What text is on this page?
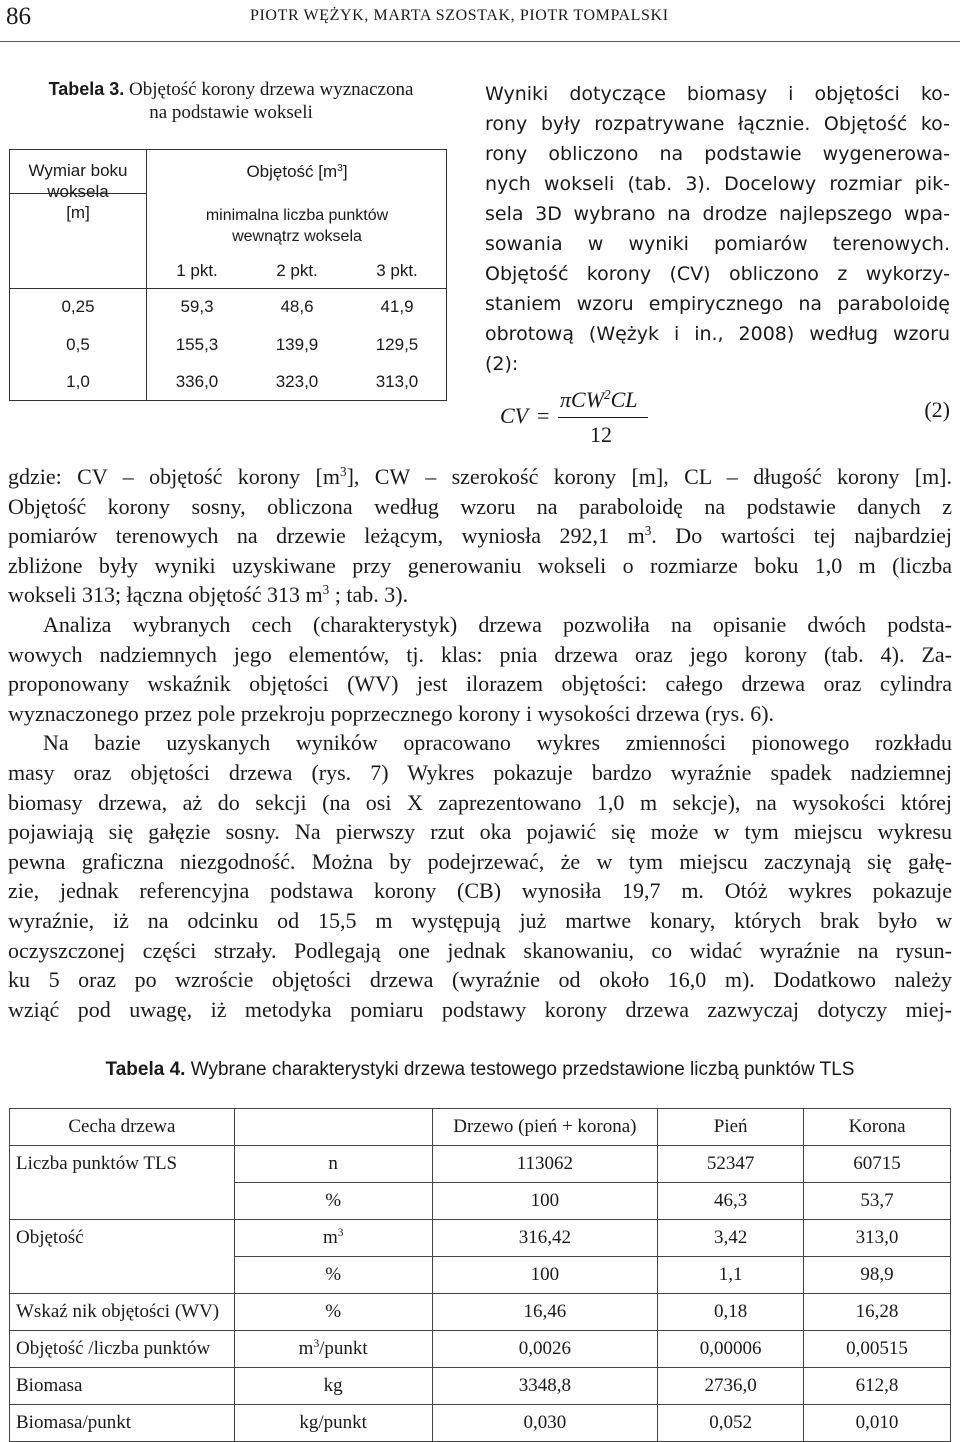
86	PIOTR WĘŻYK, MARTA SZOSTAK, PIOTR TOMPALSKI
Tabela 3. Objętość korony drzewa wyznaczona
na podstawie wokseli
Wymiar boku
woksela
[m]
Objętość $[m^3]$
minimalna liczba punktów
wewnątrz woksela
1 pkt.	2 pkt.	3 pkt.
0,25	59,3	48,6	41,9
0,5	155,3	139,9	129,5
1,0	336,0	323,0	313,0
Wyniki dotyczące biomasy i objętości ko-
rony były rozpatrywane łącznie. Objętość ko-
rony obliczono na podstawie wygenerowa-
nych wokseli (tab. 3). Docelowy rozmiar pik-
sela 3D wybrano na drodze najlepszego wpa-
sowania w wyniki pomiarów terenowych.
Objętość korony (CV) obliczono z wykorzy-
staniem wzoru empirycznego na paraboloidę
obrotową (Wężyk i in., 2008) według wzoru
(2):
CV =
πCW$^2$CL
12
(2)
gdzie: CV – objętość korony $[m^3]$, CW – szerokość korony [m], CL – długość korony [m].
Objętość korony sosny, obliczona według wzoru na paraboloidę na podstawie danych z
pomiarów terenowych na drzewie leżącym, wyniosła 292,1 $m^3$. Do wartości tej najbardziej
zbliżone były wyniki uzyskiwane przy generowaniu wokseli o rozmiarze boku 1,0 m (liczba
wokseli 313; łączna objętość 313 $m^3$ ; tab. 3).
Analiza wybranych cech (charakterystyk) drzewa pozwoliła na opisanie dwóch podsta-
wowych nadziemnych jego elementów, tj. klas: pnia drzewa oraz jego korony (tab. 4). Za-
proponowany wskaźnik objętości (WV) jest ilorazem objętości: całego drzewa oraz cylindra
wyznaczonego przez pole przekroju poprzecznego korony i wysokości drzewa (rys. 6).
Na bazie uzyskanych wyników opracowano wykres zmienności pionowego rozkładu
masy oraz objętości drzewa (rys. 7) Wykres pokazuje bardzo wyraźnie spadek nadziemnej
biomasy drzewa, aż do sekcji (na osi X zaprezentowano 1,0 m sekcje), na wysokości której
pojawiają się gałęzie sosny. Na pierwszy rzut oka pojawić się może w tym miejscu wykresu
pewna graficzna niezgodność. Można by podejrzewać, że w tym miejscu zaczynają się gałę-
zie, jednak referencyjna podstawa korony (CB) wynosiła 19,7 m. Otóż wykres pokazuje
wyraźnie, iż na odcinku od 15,5 m występują już martwe konary, których brak było w
oczyszczonej części strzały. Podlegają one jednak skanowaniu, co widać wyraźnie na rysun-
ku 5 oraz po wzroście objętości drzewa (wyraźnie od około 16,0 m). Dodatkowo należy
wziąć pod uwagę, iż metodyka pomiaru podstawy korony drzewa zazwyczaj dotyczy miej-
Tabela 4. Wybrane charakterystyki drzewa testowego przedstawione liczbą punktów TLS
Cecha drzewa		Drzewo (pień + korona)	Pień	Korona
Liczba punktów TLS	n	113062	52347	60715
	%	100	46,3	53,7
Objętość	$m^3$	316,42	3,42	313,0
	%	100	1,1	98,9
Wskaź nik objętości (WV)	%	16,46	0,18	16,28
Objętość /liczba punktów	$m^3$/punkt	0,0026	0,00006	0,00515
Biomasa	kg	3348,8	2736,0	612,8
Biomasa/punkt	kg/punkt	0,030	0,052	0,010
